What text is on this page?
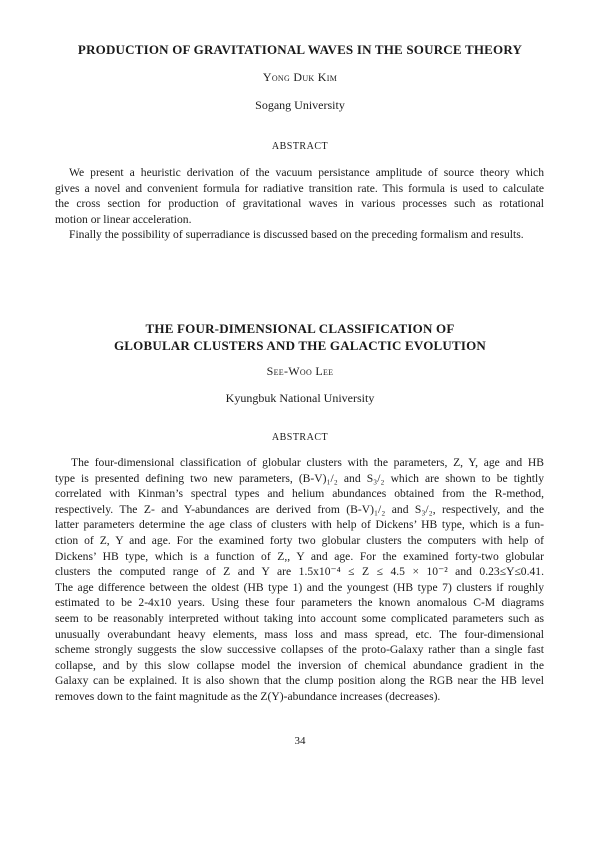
PRODUCTION OF GRAVITATIONAL WAVES IN THE SOURCE THEORY
Yong Duk Kim
Sogang University
ABSTRACT
We present a heuristic derivation of the vacuum persistance amplitude of source theory which
gives a novel and convenient formula for radiative transition rate. This formula is used to calculate
the cross section for production of gravitational waves in various processes such as rotational
motion or linear acceleration.
Finally the possibility of superradiance is discussed based on the preceding formalism and results.
THE FOUR-DIMENSIONAL CLASSIFICATION OF
GLOBULAR CLUSTERS AND THE GALACTIC EVOLUTION
See-Woo Lee
Kyungbuk National University
ABSTRACT
The four-dimensional classification of globular clusters with the parameters, Z, Y, age and HB
type is presented defining two new parameters, (B-V)₁/₂ and S₃/₂ which are shown to be tightly
correlated with Kinman’s spectral types and helium abundances obtained from the R-method,
respectively. The Z- and Y-abundances are derived from (B-V)₁/₂ and S₃/₂, respectively, and the
latter parameters determine the age class of clusters with help of Dickens’ HB type, which is a fun-
ction of Z, Y and age. For the examined forty two globular clusters the computers with help of
Dickens’ HB type, which is a function of Z,, Y and age. For the examined forty-two globular
clusters the computed range of Z and Y are 1.5x10⁻⁴ ≤ Z ≤ 4.5 × 10⁻² and 0.23≤Y≤0.41.
The age difference between the oldest (HB type 1) and the youngest (HB type 7) clusters if roughly
estimated to be 2-4x10 years. Using these four parameters the known anomalous C-M diagrams
seem to be reasonably interpreted without taking into account some complicated parameters such as
unusually overabundant heavy elements, mass loss and mass spread, etc. The four-dimensional
scheme strongly suggests the slow successive collapses of the proto-Galaxy rather than a single fast
collapse, and by this slow collapse model the inversion of chemical abundance gradient in the
Galaxy can be explained. It is also shown that the clump position along the RGB near the HB level
removes down to the faint magnitude as the Z(Y)-abundance increases (decreases).
34
